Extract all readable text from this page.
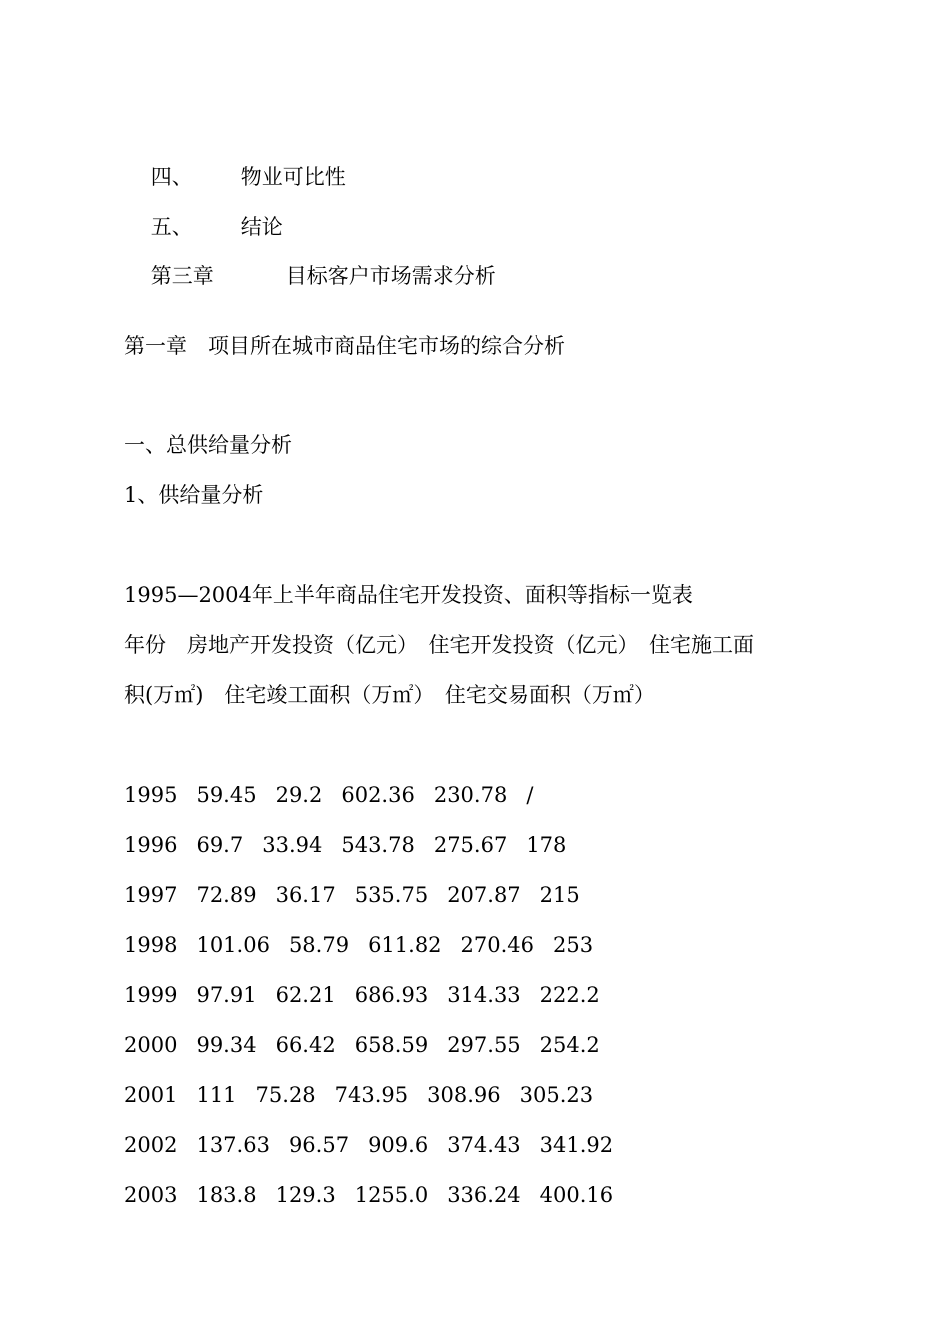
四、 物业可比性

五、 结论

第三章	目标客户市场需求分析

第一章　项目所在城市商品住宅市场的综合分析
一、总供给量分析
1、供给量分析
1995—2004年上半年商品住宅开发投资、面积等指标一览表
年份　房地产开发投资（亿元）　住宅开发投资（亿元）　住宅施工面
积(万㎡)　住宅竣工面积（万㎡）　住宅交易面积（万㎡）
1995 59.45 29.2 602.36 230.78 /
1996 69.7 33.94 543.78 275.67 178
1997 72.89 36.17 535.75 207.87 215
1998 101.06 58.79 611.82 270.46 253
1999 97.91 62.21 686.93 314.33 222.2
2000 99.34 66.42 658.59 297.55 254.2
2001 111 75.28 743.95 308.96 305.23
2002 137.63 96.57 909.6 374.43 341.92
2003 183.8 129.3 1255.0 336.24 400.16
